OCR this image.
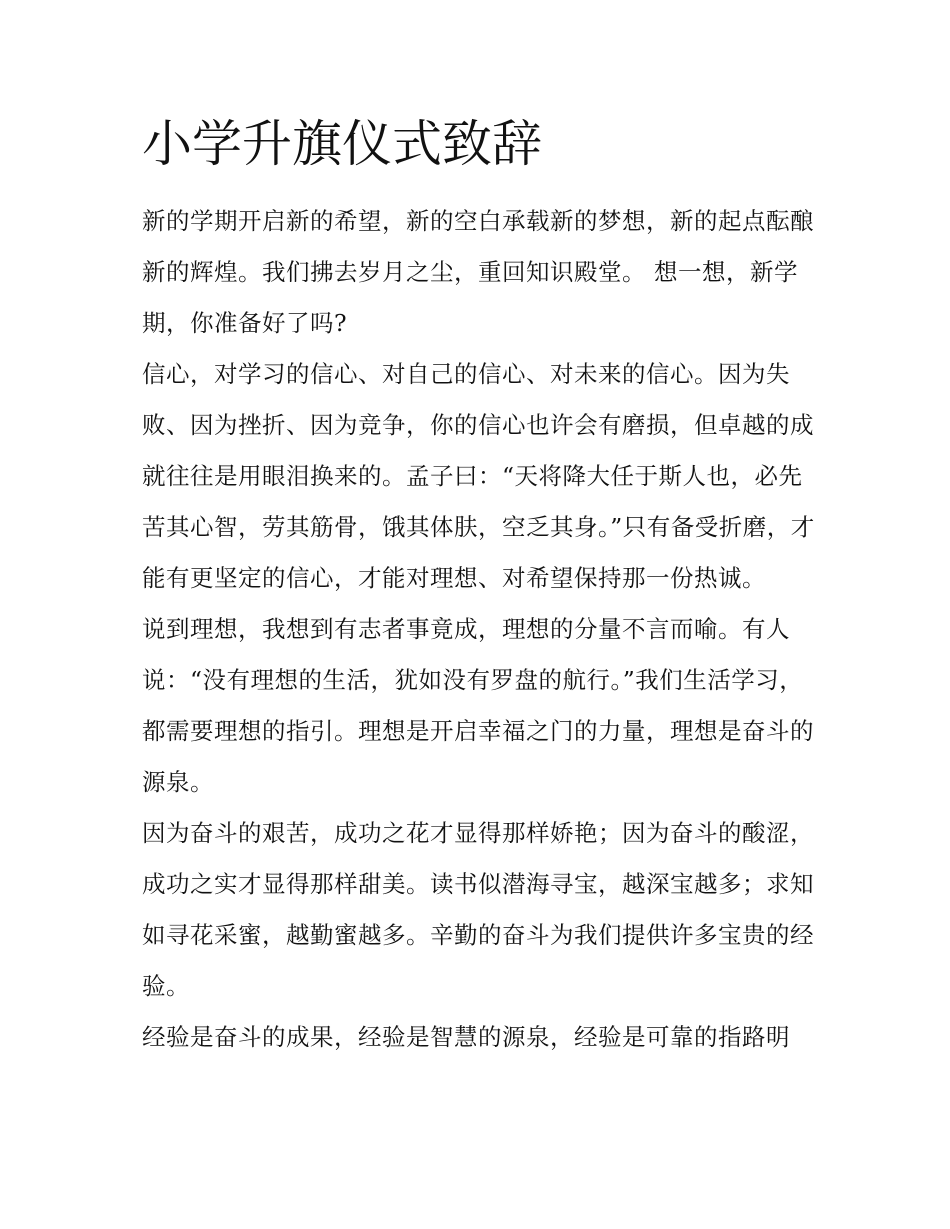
小学升旗仪式致辞

新的学期开启新的希望，新的空白承载新的梦想，新的起点酝酿新的辉煌。我们拂去岁月之尘，重回知识殿堂。 想一想，新学期，你准备好了吗?

信心，对学习的信心、对自己的信心、对未来的信心。因为失败、因为挫折、因为竞争，你的信心也许会有磨损，但卓越的成就往往是用眼泪换来的。孟子曰：“天将降大任于斯人也，必先苦其心智，劳其筋骨，饿其体肤，空乏其身。”只有备受折磨，才能有更坚定的信心，才能对理想、对希望保持那一份热诚。

说到理想，我想到有志者事竟成，理想的分量不言而喻。有人说：“没有理想的生活，犹如没有罗盘的航行。”我们生活学习，都需要理想的指引。理想是开启幸福之门的力量，理想是奋斗的源泉。

因为奋斗的艰苦，成功之花才显得那样娇艳；因为奋斗的酸涩，成功之实才显得那样甜美。读书似潜海寻宝，越深宝越多；求知如寻花采蜜，越勤蜜越多。辛勤的奋斗为我们提供许多宝贵的经验。

经验是奋斗的成果，经验是智慧的源泉，经验是可靠的指路明
